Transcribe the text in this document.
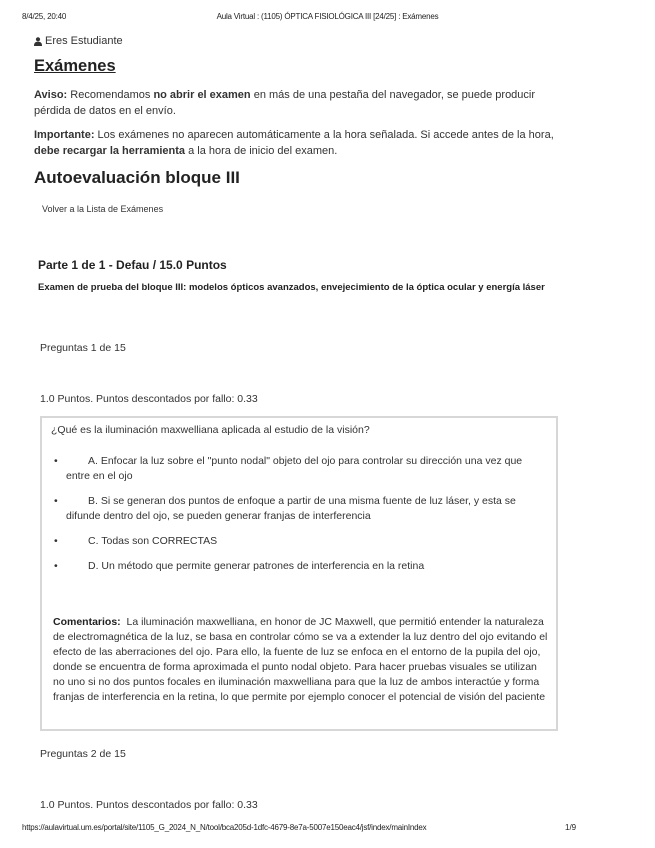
8/4/25, 20:40	Aula Virtual : (1105) ÓPTICA FISIOLÓGICA III [24/25] : Exámenes
Eres Estudiante
Exámenes
Aviso: Recomendamos no abrir el examen en más de una pestaña del navegador, se puede producir pérdida de datos en el envío.
Importante: Los exámenes no aparecen automáticamente a la hora señalada. Si accede antes de la hora, debe recargar la herramienta a la hora de inicio del examen.
Autoevaluación bloque III
Volver a la Lista de Exámenes
Parte 1 de 1 - Defau / 15.0 Puntos
Examen de prueba del bloque III: modelos ópticos avanzados, envejecimiento de la óptica ocular y energía láser
Preguntas 1 de 15
1.0 Puntos. Puntos descontados por fallo: 0.33
¿Qué es la iluminación maxwelliana aplicada al estudio de la visión?
•	A. Enfocar la luz sobre el "punto nodal" objeto del ojo para controlar su dirección una vez que entre en el ojo
•	B. Si se generan dos puntos de enfoque a partir de una misma fuente de luz láser, y esta se difunde dentro del ojo, se pueden generar franjas de interferencia
•	C. Todas son CORRECTAS
•	D. Un método que permite generar patrones de interferencia en la retina
Comentarios: La iluminación maxwelliana, en honor de JC Maxwell, que permitió entender la naturaleza de electromagnética de la luz, se basa en controlar cómo se va a extender la luz dentro del ojo evitando el efecto de las aberraciones del ojo. Para ello, la fuente de luz se enfoca en el entorno de la pupila del ojo, donde se encuentra de forma aproximada el punto nodal objeto. Para hacer pruebas visuales se utilizan no uno si no dos puntos focales en iluminación maxwelliana para que la luz de ambos interactúe y forma franjas de interferencia en la retina, lo que permite por ejemplo conocer el potencial de visión del paciente
Preguntas 2 de 15
1.0 Puntos. Puntos descontados por fallo: 0.33
https://aulavirtual.um.es/portal/site/1105_G_2024_N_N/tool/bca205d-1dfc-4679-8e7a-5007e150eac4/jsf/index/mainIndex	1/9
